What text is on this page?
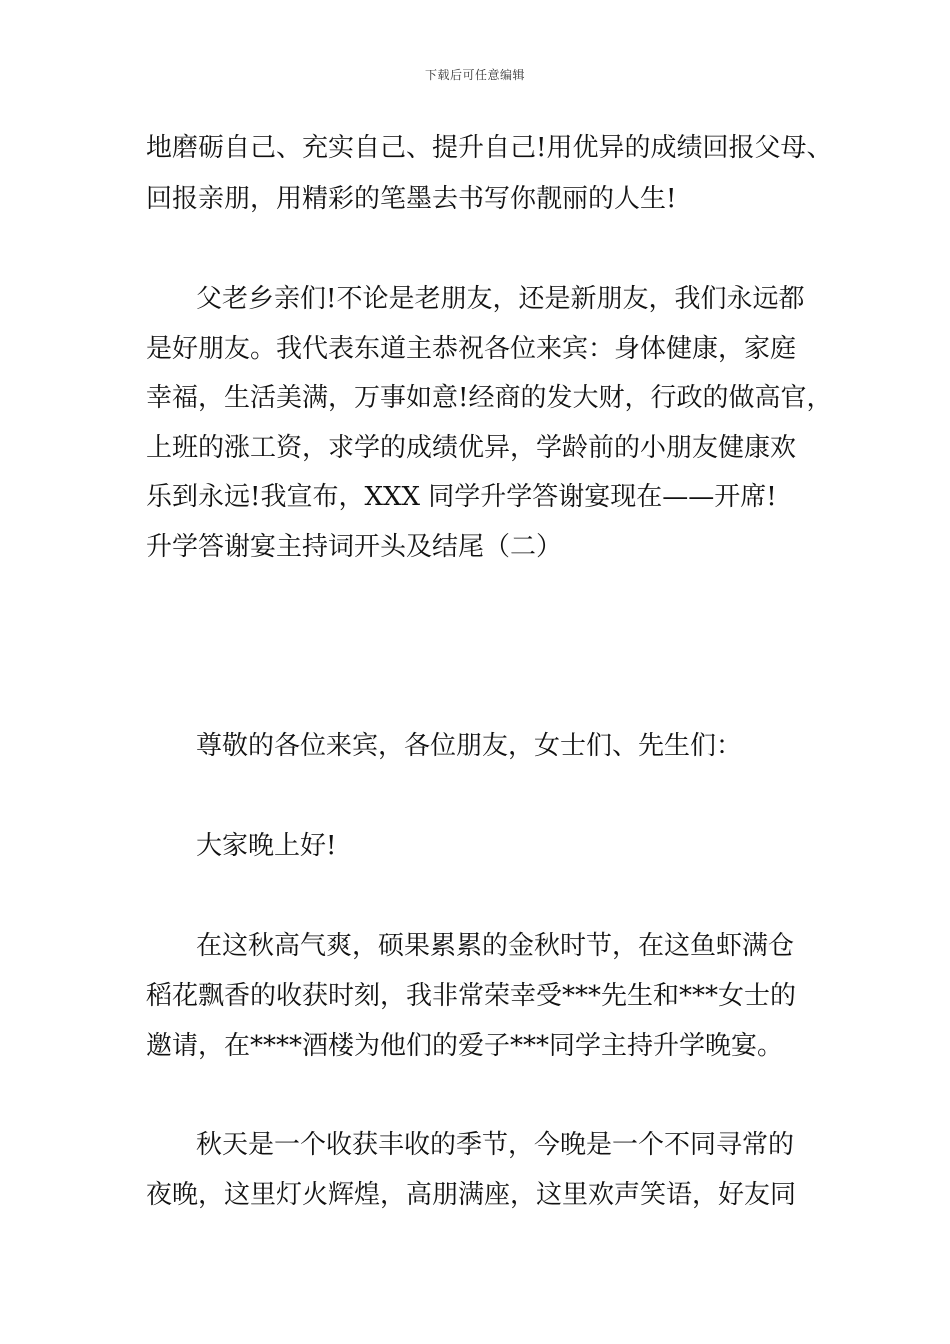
下载后可任意编辑
地磨砺自己、充实自己、提升自己!用优异的成绩回报父母、
回报亲朋，用精彩的笔墨去书写你靓丽的人生!
父老乡亲们!不论是老朋友，还是新朋友，我们永远都
是好朋友。我代表东道主恭祝各位来宾：身体健康，家庭
幸福，生活美满，万事如意!经商的发大财，行政的做高官，
上班的涨工资，求学的成绩优异，学龄前的小朋友健康欢
乐到永远!我宣布，XXX 同学升学答谢宴现在——开席!
升学答谢宴主持词开头及结尾（二）
尊敬的各位来宾，各位朋友，女士们、先生们：
大家晚上好!
在这秋高气爽，硕果累累的金秋时节，在这鱼虾满仓
稻花飘香的收获时刻，我非常荣幸受***先生和***女士的
邀请，在****酒楼为他们的爱子***同学主持升学晚宴。
秋天是一个收获丰收的季节，今晚是一个不同寻常的
夜晚，这里灯火辉煌，高朋满座，这里欢声笑语，好友同
